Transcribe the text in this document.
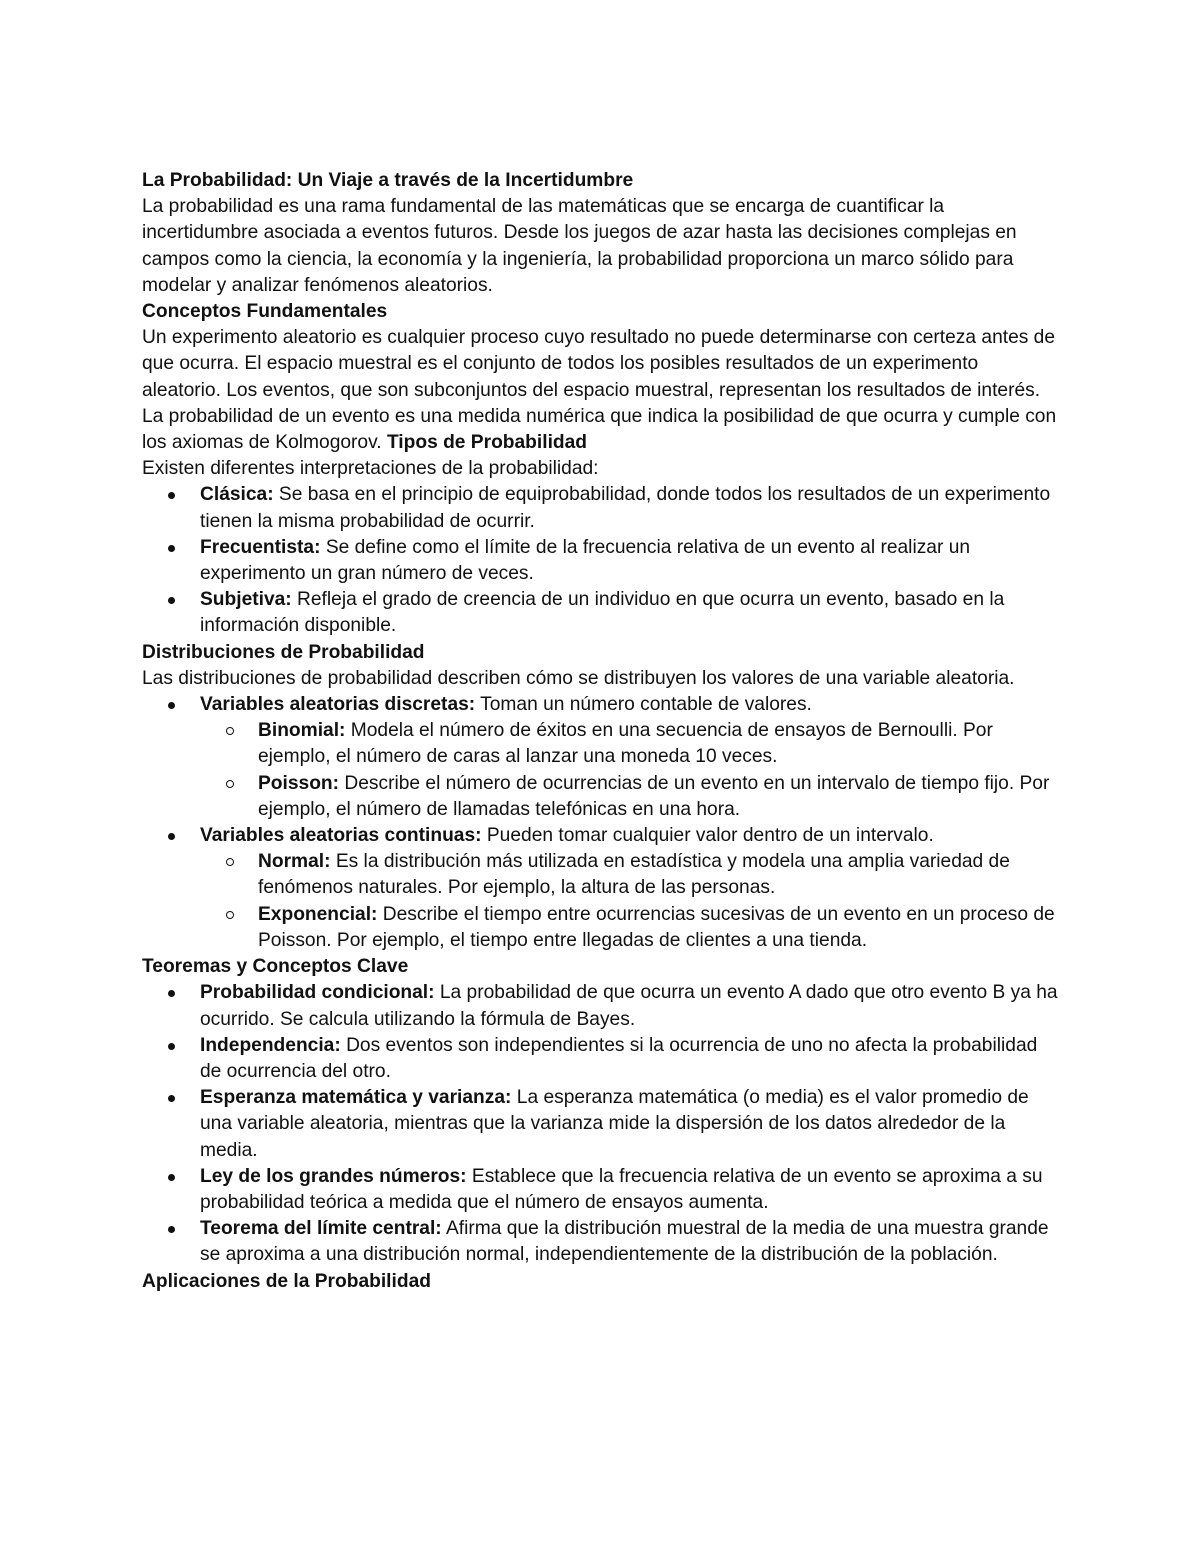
La Probabilidad: Un Viaje a través de la Incertidumbre

La probabilidad es una rama fundamental de las matemáticas que se encarga de cuantificar la incertidumbre asociada a eventos futuros. Desde los juegos de azar hasta las decisiones complejas en campos como la ciencia, la economía y la ingeniería, la probabilidad proporciona un marco sólido para modelar y analizar fenómenos aleatorios.

Conceptos Fundamentales

Un experimento aleatorio es cualquier proceso cuyo resultado no puede determinarse con certeza antes de que ocurra. El espacio muestral es el conjunto de todos los posibles resultados de un experimento aleatorio. Los eventos, que son subconjuntos del espacio muestral, representan los resultados de interés. La probabilidad de un evento es una medida numérica que indica la posibilidad de que ocurra y cumple con los axiomas de Kolmogorov. Tipos de Probabilidad

Existen diferentes interpretaciones de la probabilidad:

Clásica: Se basa en el principio de equiprobabilidad, donde todos los resultados de un experimento tienen la misma probabilidad de ocurrir.
Frecuentista: Se define como el límite de la frecuencia relativa de un evento al realizar un experimento un gran número de veces.
Subjetiva: Refleja el grado de creencia de un individuo en que ocurra un evento, basado en la información disponible.

Distribuciones de Probabilidad

Las distribuciones de probabilidad describen cómo se distribuyen los valores de una variable aleatoria.

Variables aleatorias discretas: Toman un número contable de valores.
Binomial: Modela el número de éxitos en una secuencia de ensayos de Bernoulli. Por ejemplo, el número de caras al lanzar una moneda 10 veces.
Poisson: Describe el número de ocurrencias de un evento en un intervalo de tiempo fijo. Por ejemplo, el número de llamadas telefónicas en una hora.
Variables aleatorias continuas: Pueden tomar cualquier valor dentro de un intervalo.
Normal: Es la distribución más utilizada en estadística y modela una amplia variedad de fenómenos naturales. Por ejemplo, la altura de las personas.
Exponencial: Describe el tiempo entre ocurrencias sucesivas de un evento en un proceso de Poisson. Por ejemplo, el tiempo entre llegadas de clientes a una tienda.

Teoremas y Conceptos Clave

Probabilidad condicional: La probabilidad de que ocurra un evento A dado que otro evento B ya ha ocurrido. Se calcula utilizando la fórmula de Bayes.
Independencia: Dos eventos son independientes si la ocurrencia de uno no afecta la probabilidad de ocurrencia del otro.
Esperanza matemática y varianza: La esperanza matemática (o media) es el valor promedio de una variable aleatoria, mientras que la varianza mide la dispersión de los datos alrededor de la media.
Ley de los grandes números: Establece que la frecuencia relativa de un evento se aproxima a su probabilidad teórica a medida que el número de ensayos aumenta.
Teorema del límite central: Afirma que la distribución muestral de la media de una muestra grande se aproxima a una distribución normal, independientemente de la distribución de la población.

Aplicaciones de la Probabilidad
